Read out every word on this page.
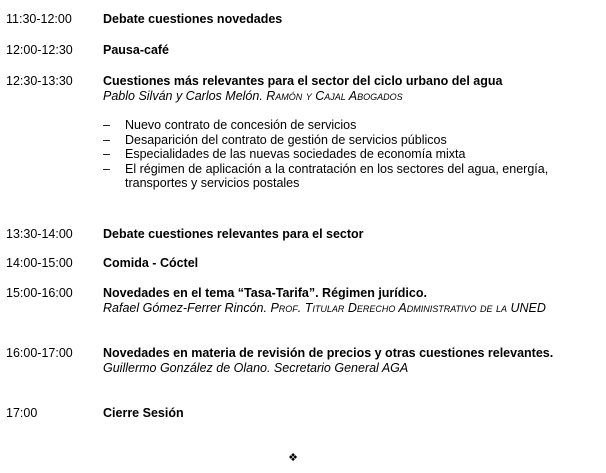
11:30-12:00 Debate cuestiones novedades
12:00-12:30 Pausa-café
12:30-13:30 Cuestiones más relevantes para el sector del ciclo urbano del agua
Pablo Silván y Carlos Melón. Ramón y Cajal Abogados
– Nuevo contrato de concesión de servicios
– Desaparición del contrato de gestión de servicios públicos
– Especialidades de las nuevas sociedades de economía mixta
– El régimen de aplicación a la contratación en los sectores del agua, energía, transportes y servicios postales
13:30-14:00 Debate cuestiones relevantes para el sector
14:00-15:00 Comida - Cóctel
15:00-16:00 Novedades en el tema “Tasa-Tarifa”. Régimen jurídico.
Rafael Gómez-Ferrer Rincón. Prof. Titular Derecho Administrativo de la UNED
16:00-17:00 Novedades en materia de revisión de precios y otras cuestiones relevantes.
Guillermo González de Olano. Secretario General AGA
17:00	Cierre Sesión
❖
